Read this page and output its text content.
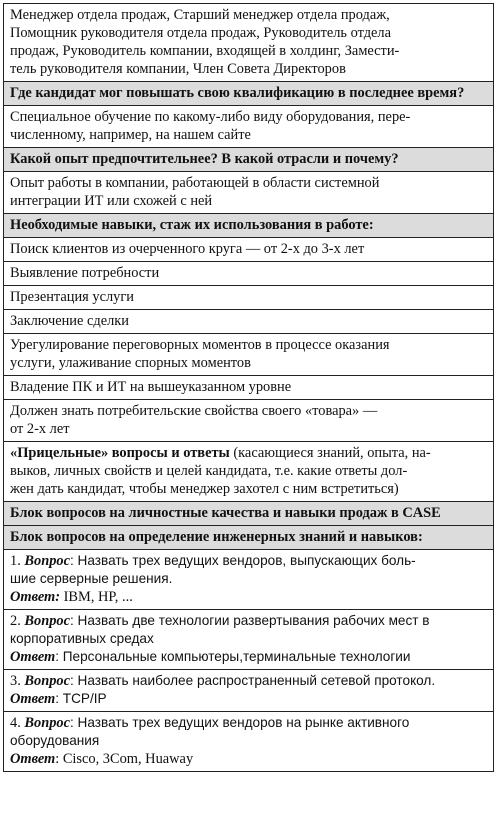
Менеджер отдела продаж, Старший менеджер отдела продаж,
Помощник руководителя отдела продаж, Руководитель отдела
продаж, Руководитель компании, входящей в холдинг, Замести-
тель руководителя компании, Член Совета Директоров

Где кандидат мог повышать свою квалификацию в последнее время?

Специальное обучение по какому-либо виду оборудования, пере-
численному, например, на нашем сайте

Какой опыт предпочтительнее? В какой отрасли и почему?

Опыт работы в компании, работающей в области системной
интеграции ИТ или схожей с ней

Необходимые навыки, стаж их использования в работе:

Поиск клиентов из очерченного круга — от 2-х до 3-х лет

Выявление потребности

Презентация услуги

Заключение сделки

Урегулирование переговорных моментов в процессе оказания
услуги, улаживание спорных моментов

Владение ПК и ИТ на вышеуказанном уровне

Должен знать потребительские свойства своего «товара» —
от 2-х лет

«Прицельные» вопросы и ответы (касающиеся знаний, опыта, на-
выков, личных свойств и целей кандидата, т.е. какие ответы дол-
жен дать кандидат, чтобы менеджер захотел с ним встретиться)

Блок вопросов на личностные качества и навыки продаж в CASE
Блок вопросов на определение инженерных знаний и навыков:

1. Вопрос: Назвать трех ведущих вендоров, выпускающих боль-
шие серверные решения.
Ответ: IBM, HP, ...

2. Вопрос: Назвать две технологии развертывания рабочих мест в
корпоративных средах
Ответ: Персональные компьютеры,терминальные технологии

3. Вопрос: Назвать наиболее распространенный сетевой протокол.
Ответ: TCP/IP

4. Вопрос: Назвать трех ведущих вендоров на рынке активного
оборудования
Ответ: Cisco, 3Com, Huaway
